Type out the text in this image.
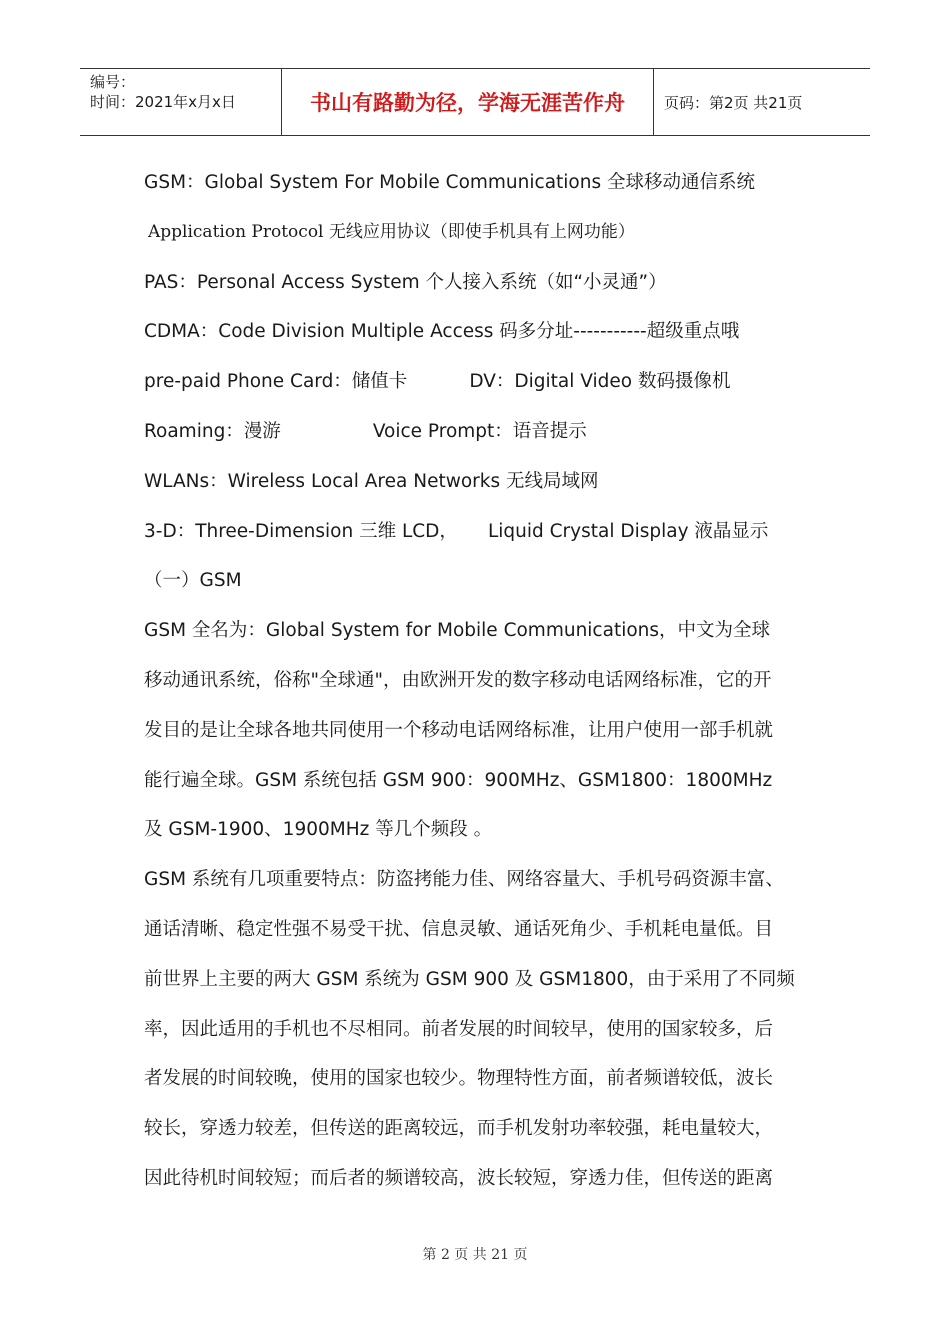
编号：
时间：2021年x月x日	书山有路勤为径，学海无涯苦作舟	页码：第2页 共21页
GSM：Global System For Mobile Communications 全球移动通信系统
Application Protocol 无线应用协议（即使手机具有上网功能）
PAS：Personal Access System 个人接入系统（如“小灵通”）
CDMA：Code Division Multiple Access 码多分址-----------超级重点哦
pre-paid Phone Card：储值卡	DV：Digital Video 数码摄像机
Roaming：漫游	Voice Prompt：语音提示
WLANs：Wireless Local Area Networks 无线局域网
3-D：Three-Dimension 三维 LCD， Liquid Crystal Display 液晶显示
（一）GSM
GSM 全名为：Global System for Mobile Communications，中文为全球
移动通讯系统，俗称"全球通"，由欧洲开发的数字移动电话网络标准，它的开
发目的是让全球各地共同使用一个移动电话网络标准，让用户使用一部手机就
能行遍全球。GSM 系统包括 GSM 900：900MHz、GSM1800：1800MHz
及 GSM-1900、1900MHz 等几个频段 。
GSM 系统有几项重要特点：防盗拷能力佳、网络容量大、手机号码资源丰富、
通话清晰、稳定性强不易受干扰、信息灵敏、通话死角少、手机耗电量低。目
前世界上主要的两大 GSM 系统为 GSM 900 及 GSM1800，由于采用了不同频
率，因此适用的手机也不尽相同。前者发展的时间较早，使用的国家较多，后
者发展的时间较晚，使用的国家也较少。物理特性方面，前者频谱较低，波长
较长，穿透力较差，但传送的距离较远，而手机发射功率较强，耗电量较大，
因此待机时间较短；而后者的频谱较高，波长较短，穿透力佳，但传送的距离
第 2 页 共 21 页
